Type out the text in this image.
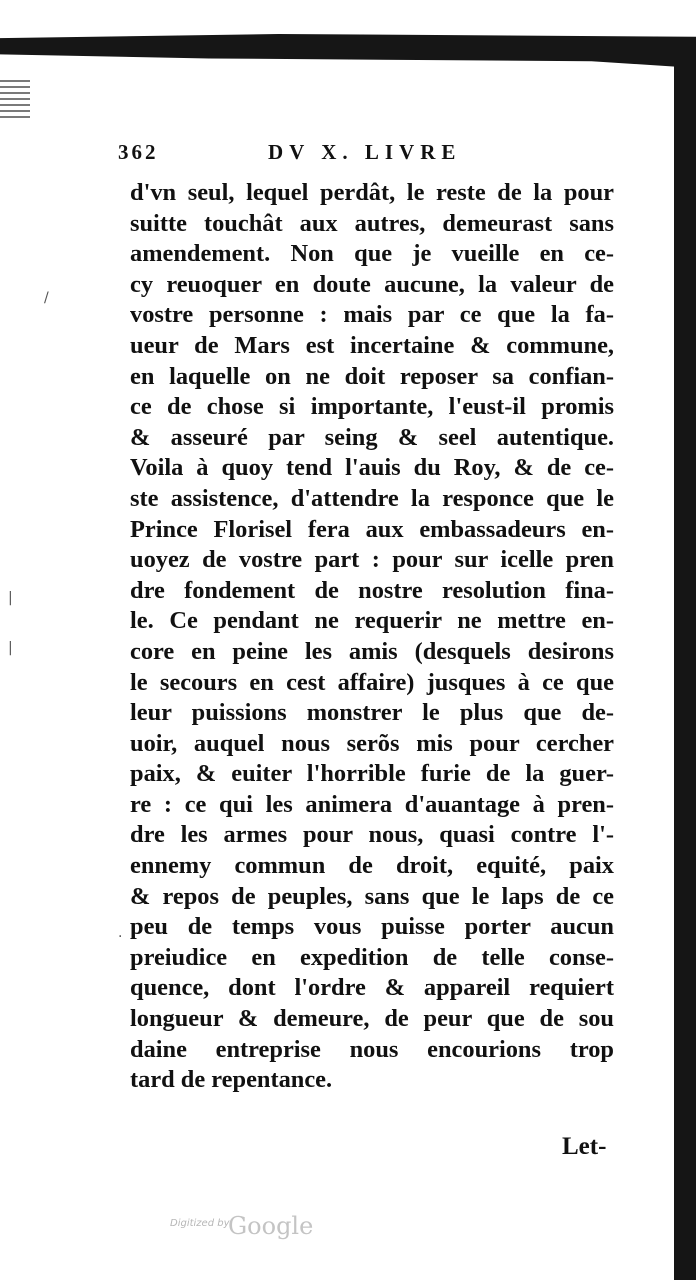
362	DV X. LIVRE
d'vn seul, lequel perdât, le reste de la pour
suitte touchât aux autres, demeurast sans
amendement. Non que je vueille en ce-
cy reuoquer en doute aucune, la valeur de
vostre personne : mais par ce que la fa-
ueur de Mars est incertaine & commune,
en laquelle on ne doit reposer sa confian-
ce de chose si importante, l'eust-il promis
& asseuré par seing & seel autentique.
Voila à quoy tend l'auis du Roy, & de ce-
ste assistence, d'attendre la responce que le
Prince Florisel fera aux embassadeurs en-
uoyez de vostre part : pour sur icelle pren
dre fondement de nostre resolution fina-
le. Ce pendant ne requerir ne mettre en-
core en peine les amis (desquels desirons
le secours en cest affaire) jusques à ce que
leur puissions monstrer le plus que de-
uoir, auquel nous serõs mis pour cercher
paix, & euiter l'horrible furie de la guer-
re : ce qui les animera d'auantage à pren-
dre les armes pour nous, quasi contre l'-
ennemy commun de droit, equité, paix
& repos de peuples, sans que le laps de ce
peu de temps vous puisse porter aucun
preiudice en expedition de telle conse-
quence, dont l'ordre & appareil requiert
longueur & demeure, de peur que de sou
daine entreprise nous encourions trop
tard de repentance.
Let-
/
|
|
.
Digitized by
Google
